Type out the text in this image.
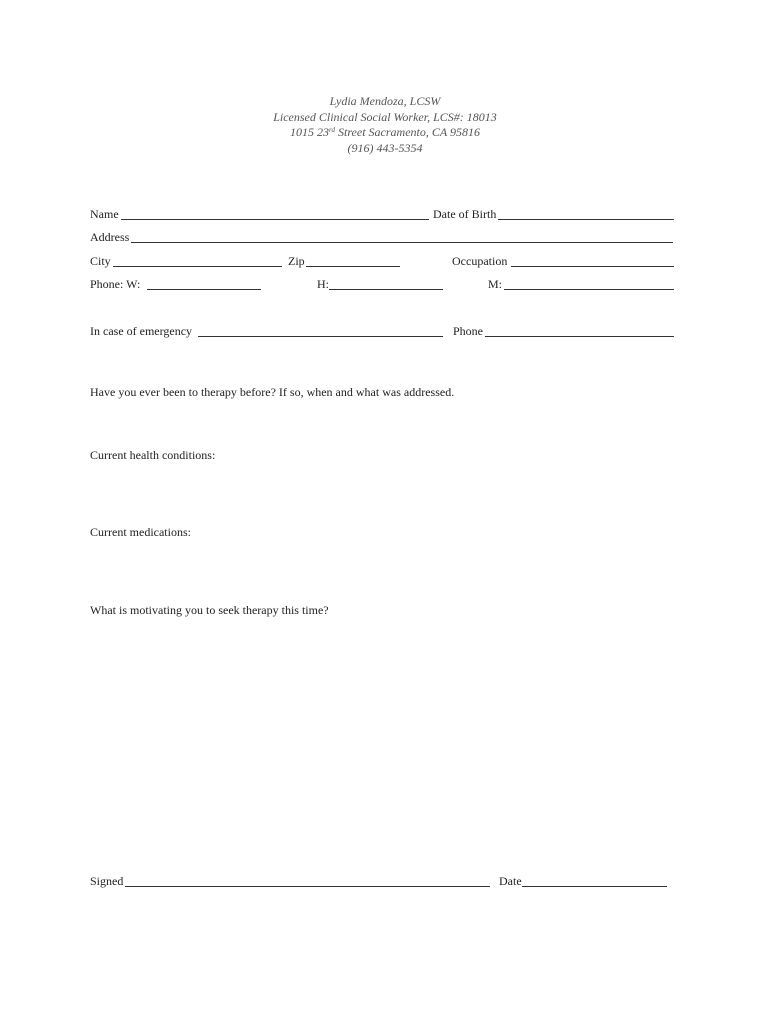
Lydia Mendoza, LCSW
Licensed Clinical Social Worker, LCS#: 18013
1015 23rd Street Sacramento, CA 95816
(916) 443-5354
Name	Date of Birth
Address
City	Zip	Occupation
Phone: W:	H:	M:
In case of emergency	Phone
Have you ever been to therapy before? If so, when and what was addressed.
Current health conditions:
Current medications:
What is motivating you to seek therapy this time?
Signed	Date
